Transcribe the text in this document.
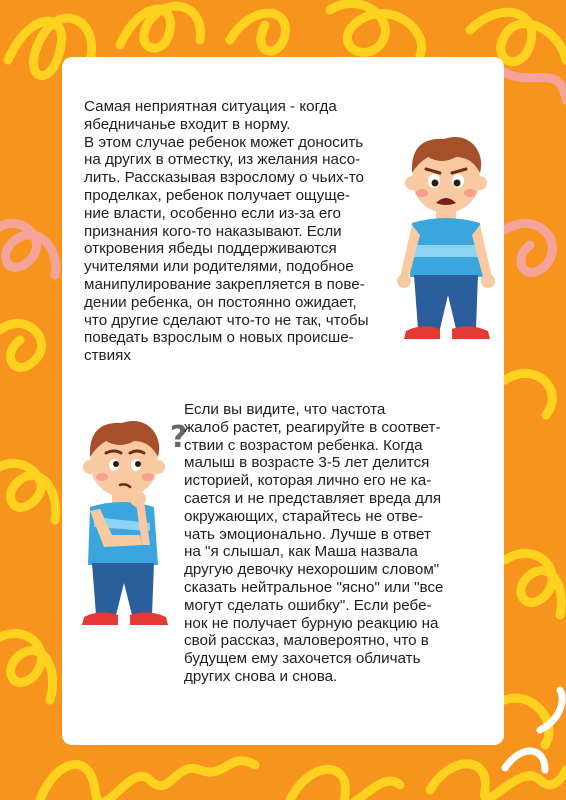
Самая неприятная ситуация - когда
ябедничанье входит в норму.
В этом случае ребенок может доносить
на других в отместку, из желания насо-
лить. Рассказывая взрослому о чьих-то
проделках, ребенок получает ощуще-
ние власти, особенно если из-за его
признания кого-то наказывают. Если
откровения ябеды поддерживаются
учителями или родителями, подобное
манипулирование закрепляется в пове-
дении ребенка, он постоянно ожидает,
что другие сделают что-то не так, чтобы
поведать взрослым о новых происше-
ствиях

?

Если вы видите, что частота
жалоб растет, реагируйте в соответ-
ствии с возрастом ребенка. Когда
малыш в возрасте 3-5 лет делится
историей, которая лично его не ка-
сается и не представляет вреда для
окружающих, старайтесь не отве-
чать эмоционально. Лучше в ответ
на "я слышал, как Маша назвала
другую девочку нехорошим словом"
сказать нейтральное "ясно" или "все
могут сделать ошибку". Если ребе-
нок не получает бурную реакцию на
свой рассказ, маловероятно, что в
будущем ему захочется обличать
других снова и снова.
